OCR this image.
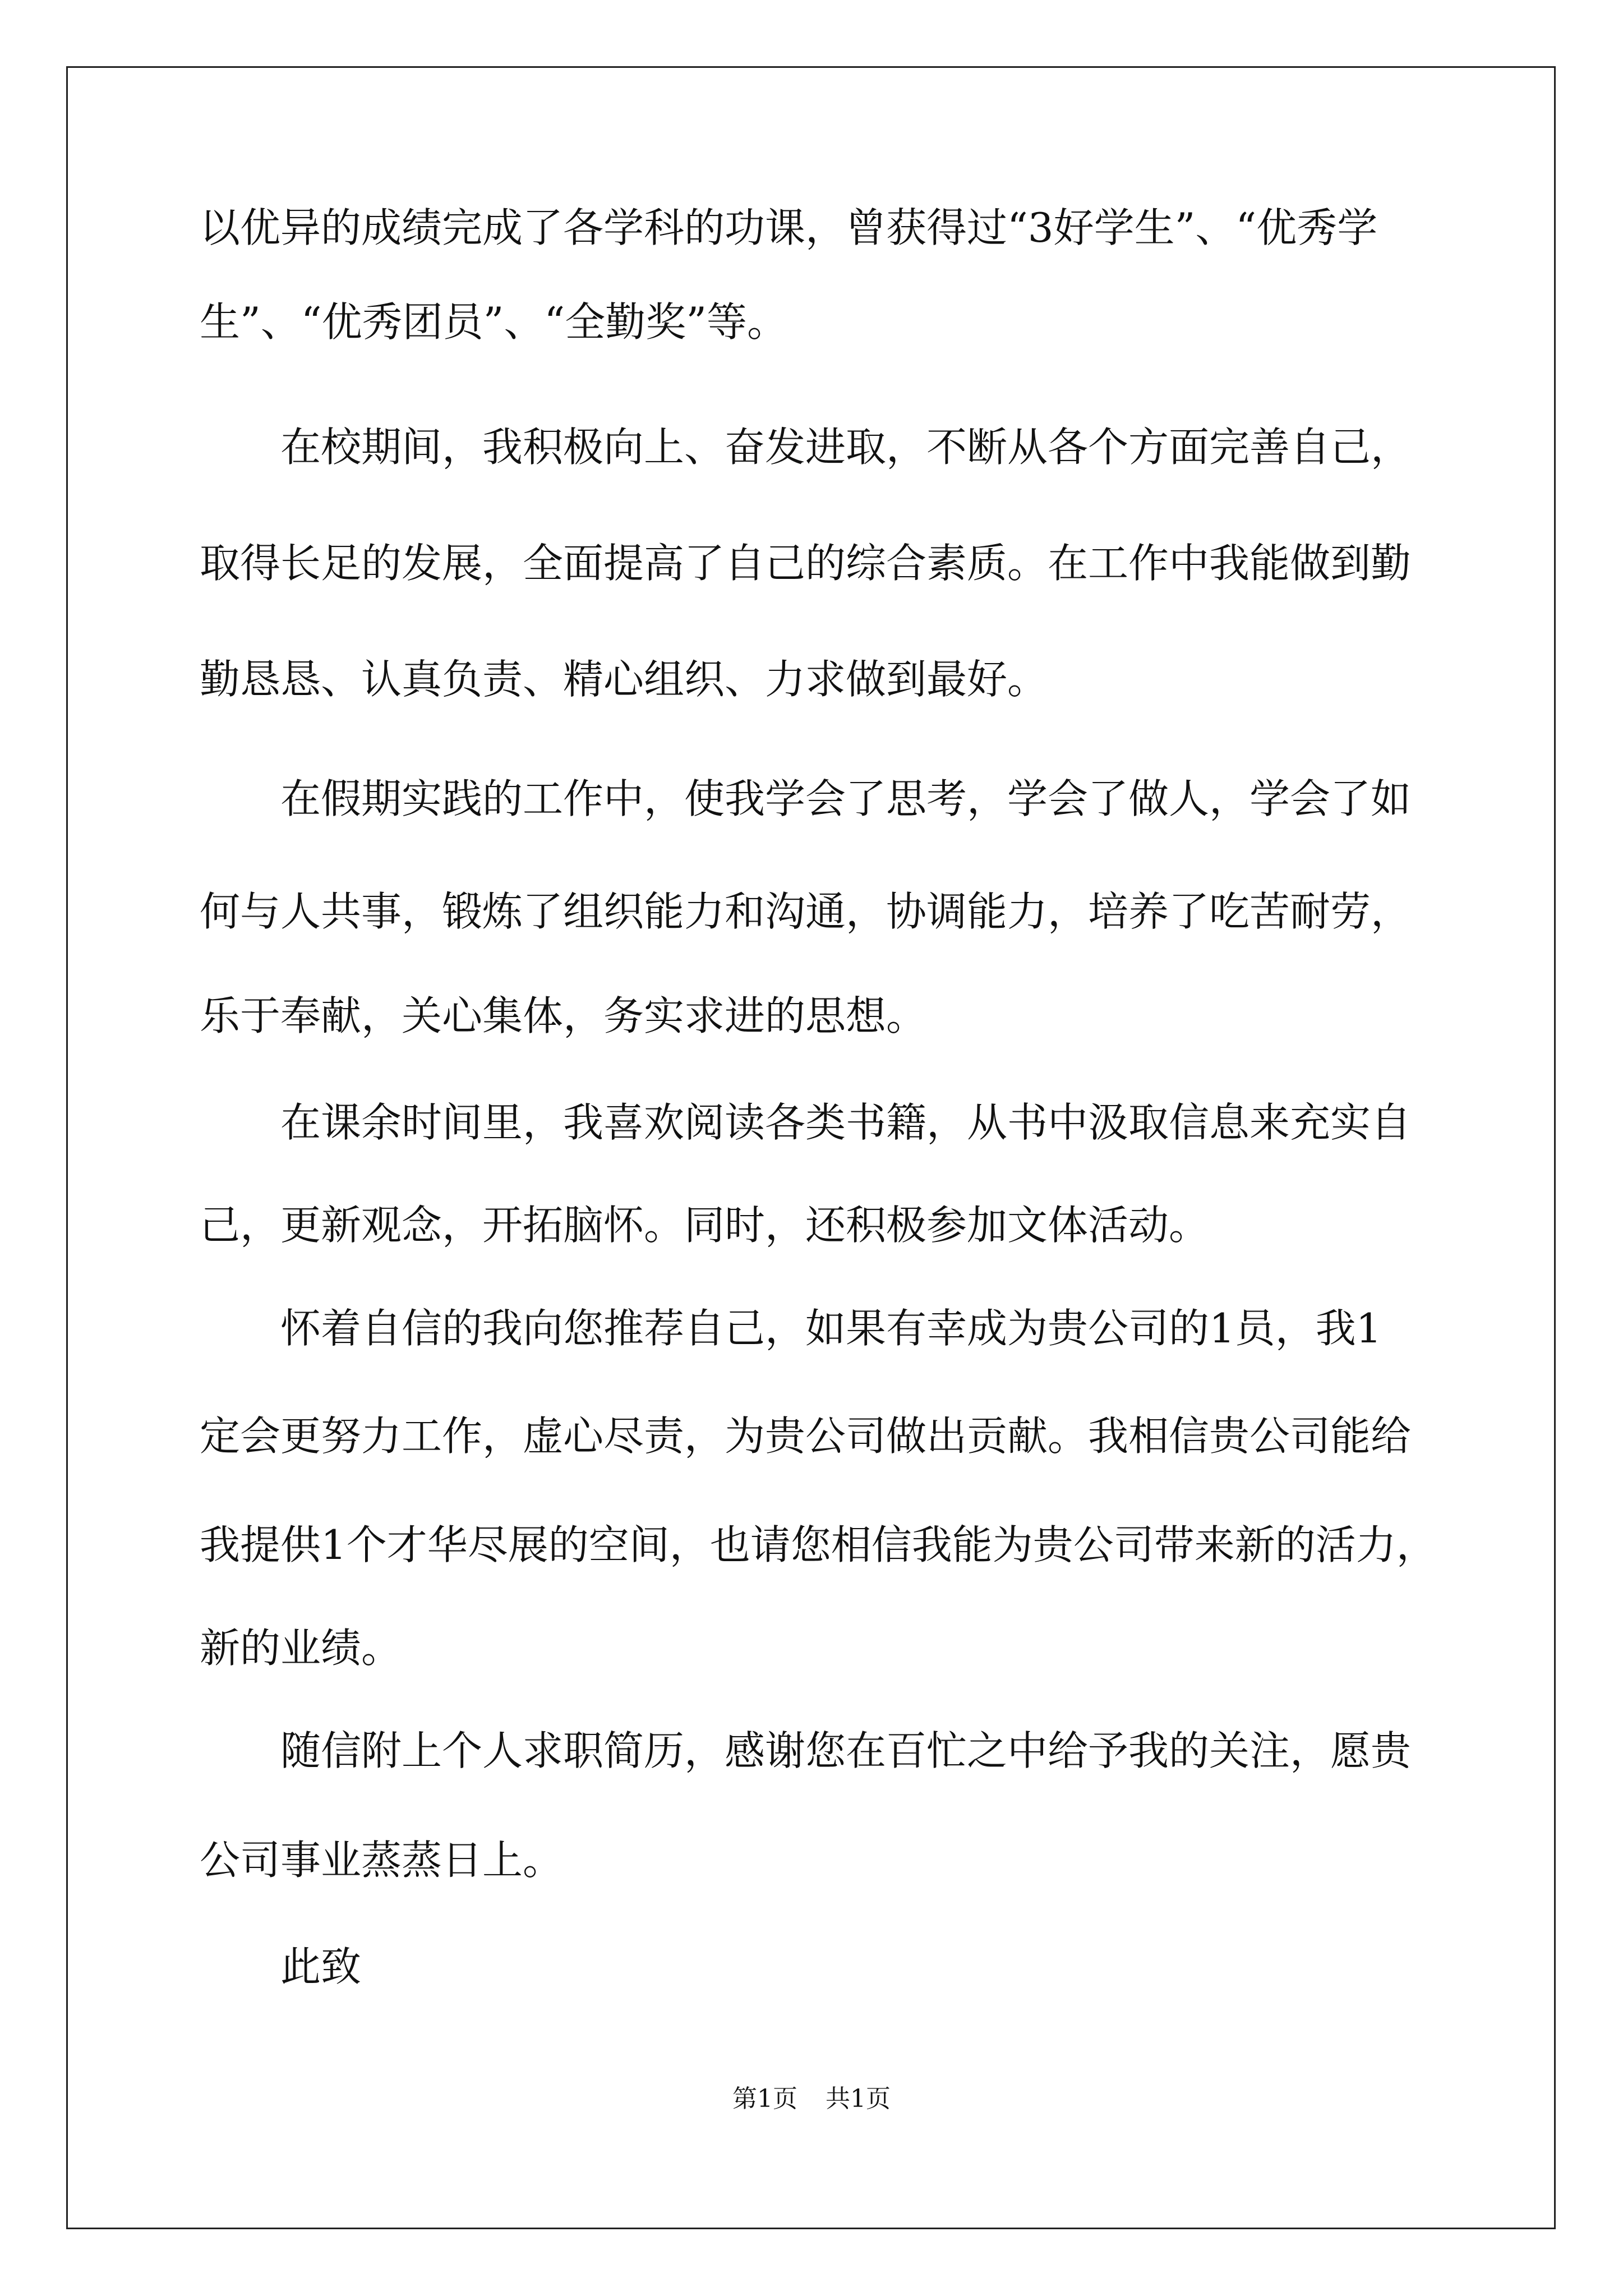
以优异的成绩完成了各学科的功课，曾获得过“3好学生”、“优秀学
生”、“优秀团员”、“全勤奖”等。
在校期间，我积极向上、奋发进取，不断从各个方面完善自己，
取得长足的发展，全面提高了自己的综合素质。在工作中我能做到勤
勤恳恳、认真负责、精心组织、力求做到最好。
在假期实践的工作中，使我学会了思考，学会了做人，学会了如
何与人共事，锻炼了组织能力和沟通，协调能力，培养了吃苦耐劳，
乐于奉献，关心集体，务实求进的思想。
在课余时间里，我喜欢阅读各类书籍，从书中汲取信息来充实自
己，更新观念，开拓脑怀。同时，还积极参加文体活动。
怀着自信的我向您推荐自己，如果有幸成为贵公司的1员，我1
定会更努力工作，虚心尽责，为贵公司做出贡献。我相信贵公司能给
我提供1个才华尽展的空间，也请您相信我能为贵公司带来新的活力，
新的业绩。
随信附上个人求职简历，感谢您在百忙之中给予我的关注，愿贵
公司事业蒸蒸日上。
此致
第1页 共1页
